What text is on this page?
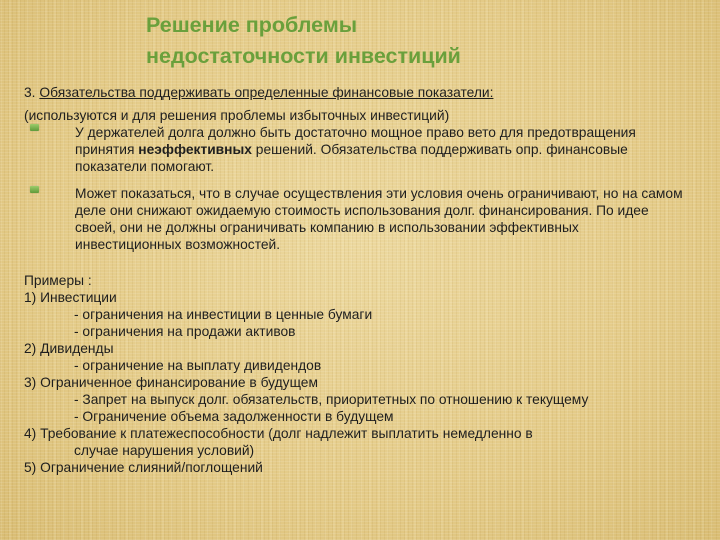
Решение проблемы
недостаточности инвестиций

3. Обязательства поддерживать определенные финансовые показатели:

(используются и для решения проблемы избыточных инвестиций)

У держателей долга должно быть достаточно мощное право вето для предотвращения принятия неэффективных решений. Обязательства поддерживать опр. финансовые показатели помогают.
Может показаться, что в случае осуществления эти условия очень ограничивают, но на самом деле они снижают ожидаемую стоимость использования долг. финансирования. По идее своей, они не должны ограничивать компанию в использовании эффективных инвестиционных возможностей.

Примеры :

1) Инвестиции

- ограничения на инвестиции в ценные бумаги

- ограничения на продажи активов

2) Дивиденды

- ограничение на выплату дивидендов

3) Ограниченное финансирование в будущем

- Запрет на выпуск долг. обязательств, приоритетных по отношению к текущему

- Ограничение объема задолженности в будущем

4) Требование к платежеспособности (долг надлежит выплатить немедленно в

случае нарушения условий)

5) Ограничение слияний/поглощений
